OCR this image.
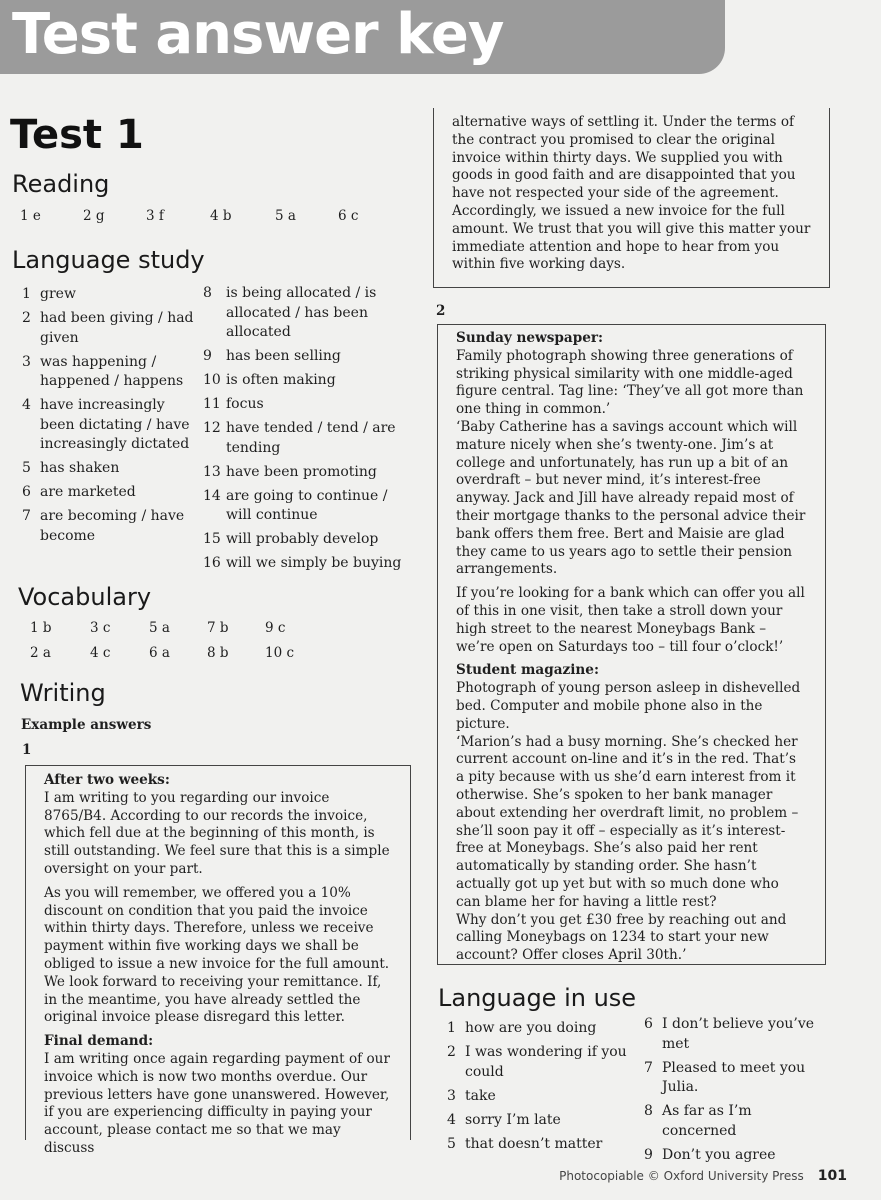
Test answer key
Test 1
Reading
1 e	2 g	3 f	4 b	5 a	6 c
Language study
1 grew
2 had been giving / had given
3 was happening / happened / happens
4 have increasingly been dictating / have increasingly dictated
5 has shaken
6 are marketed
7 are becoming / have become
8	is being allocated / is allocated / has been allocated
9	has been selling
10 is often making
11 focus
12 have tended / tend / are tending
13 have been promoting
14 are going to continue / will continue
15 will probably develop
16 will we simply be buying
Vocabulary
1 b	3 c	5 a	7 b	9 c
2 a	4 c	6 a	8 b	10 c
Writing
Example answers
1
After two weeks:

I am writing to you regarding our invoice 8765/B4. According to our records the invoice, which fell due at the beginning of this month, is still outstanding. We feel sure that this is a simple oversight on your part.

As you will remember, we offered you a 10% discount on condition that you paid the invoice within thirty days. Therefore, unless we receive payment within five working days we shall be obliged to issue a new invoice for the full amount. We look forward to receiving your remittance. If, in the meantime, you have already settled the original invoice please disregard this letter.

Final demand:

I am writing once again regarding payment of our invoice which is now two months overdue. Our previous letters have gone unanswered. However, if you are experiencing difficulty in paying your account, please contact me so that we may discuss

alternative ways of settling it. Under the terms of the contract you promised to clear the original invoice within thirty days. We supplied you with goods in good faith and are disappointed that you have not respected your side of the agreement. Accordingly, we issued a new invoice for the full amount. We trust that you will give this matter your immediate attention and hope to hear from you within five working days.

2
Sunday newspaper:
Family photograph showing three generations of striking physical similarity with one middle-aged figure central. Tag line: ‘They’ve all got more than one thing in common.’
‘Baby Catherine has a savings account which will mature nicely when she’s twenty-one. Jim’s at college and unfortunately, has run up a bit of an overdraft – but never mind, it’s interest-free anyway. Jack and Jill have already repaid most of their mortgage thanks to the personal advice their bank offers them free. Bert and Maisie are glad they came to us years ago to settle their pension arrangements.

If you’re looking for a bank which can offer you all of this in one visit, then take a stroll down your high street to the nearest Moneybags Bank – we’re open on Saturdays too – till four o’clock!’

Student magazine:
Photograph of young person asleep in dishevelled bed. Computer and mobile phone also in the picture.
‘Marion’s had a busy morning. She’s checked her current account on-line and it’s in the red. That’s a pity because with us she’d earn interest from it otherwise. She’s spoken to her bank manager about extending her overdraft limit, no problem – she’ll soon pay it off – especially as it’s interest-free at Moneybags. She’s also paid her rent automatically by standing order. She hasn’t actually got up yet but with so much done who can blame her for having a little rest?
Why don’t you get £30 free by reaching out and calling Moneybags on 1234 to start your new account? Offer closes April 30th.’
Language in use
1 how are you doing
2 I was wondering if you could
3 take
4 sorry I’m late
5 that doesn’t matter
6 I don’t believe you’ve met
7 Pleased to meet you Julia.
8 As far as I’m concerned
9 Don’t you agree
Photocopiable © Oxford University Press 101
